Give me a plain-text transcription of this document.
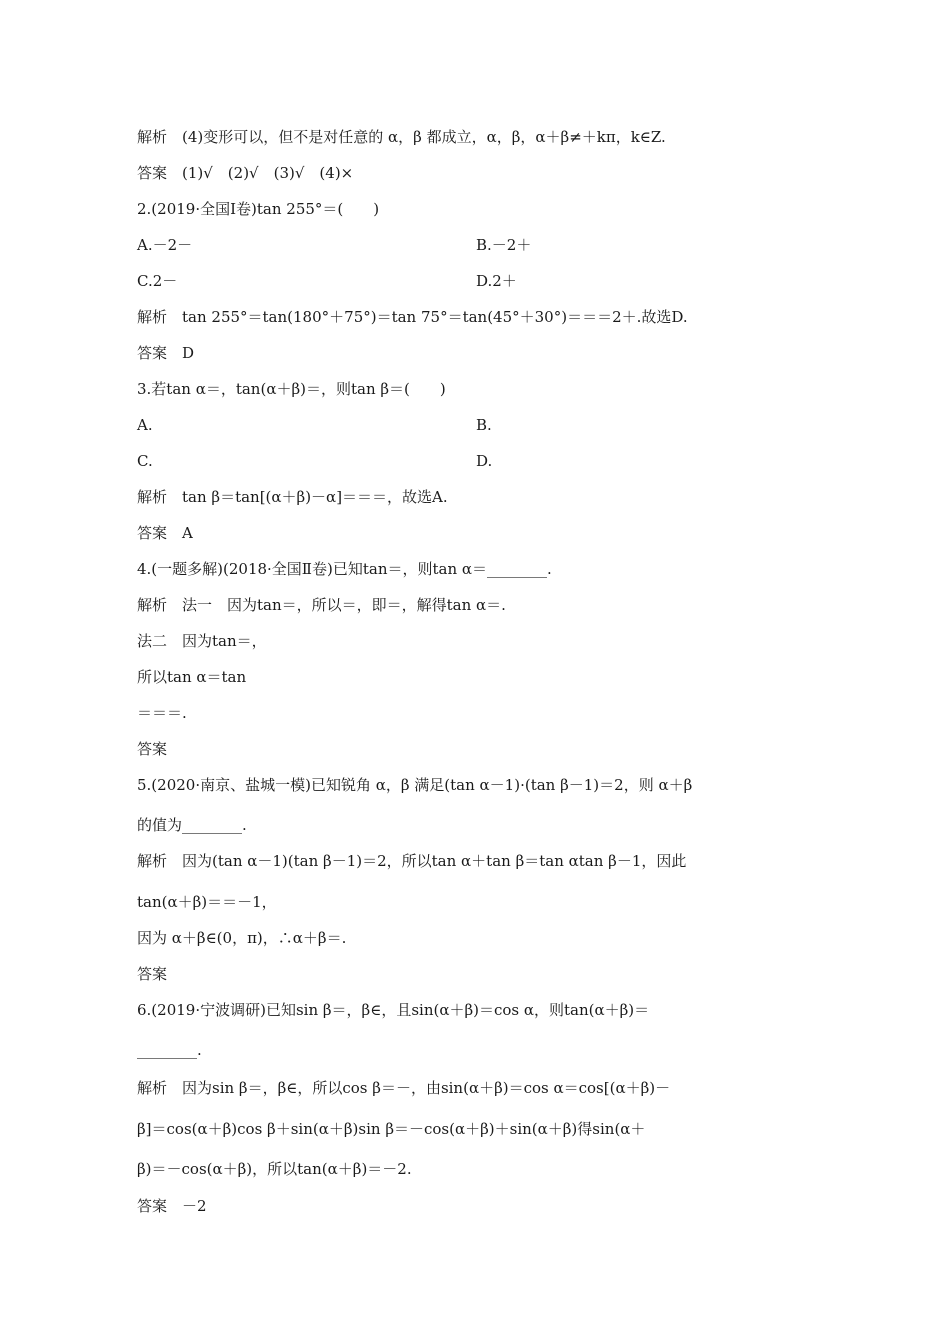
解析　(4)变形可以，但不是对任意的 α，β 都成立，α，β，α＋β≠＋kπ，k∈Z.
答案　(1)√　(2)√　(3)√　(4)×
2.(2019·全国Ⅰ卷)tan 255°＝(　　)
A.－2－	B.－2＋
C.2－	D.2＋
解析　tan 255°＝tan(180°＋75°)＝tan 75°＝tan(45°＋30°)＝＝＝2＋.故选D.
答案　D
3.若tan α＝，tan(α＋β)＝，则tan β＝(　　)
A.	B.
C.	D.
解析　tan β＝tan[(α＋β)－α]＝＝＝，故选A.
答案　A
4.(一题多解)(2018·全国Ⅱ卷)已知tan＝，则tan α＝________.
解析　法一　因为tan＝，所以＝，即＝，解得tan α＝.
法二　因为tan＝，
所以tan α＝tan
＝＝＝.
答案
5.(2020·南京、盐城一模)已知锐角 α，β 满足(tan α－1)·(tan β－1)＝2，则 α＋β
的值为________.
解析　因为(tan α－1)(tan β－1)＝2，所以tan α＋tan β＝tan αtan β－1，因此
tan(α＋β)＝＝－1，
因为 α＋β∈(0，π)，∴α＋β＝.
答案
6.(2019·宁波调研)已知sin β＝，β∈，且sin(α＋β)＝cos α，则tan(α＋β)＝
________.
解析　因为sin β＝，β∈，所以cos β＝－，由sin(α＋β)＝cos α＝cos[(α＋β)－
β]＝cos(α＋β)cos β＋sin(α＋β)sin β＝－cos(α＋β)＋sin(α＋β)得sin(α＋
β)＝－cos(α＋β)，所以tan(α＋β)＝－2.
答案　－2
